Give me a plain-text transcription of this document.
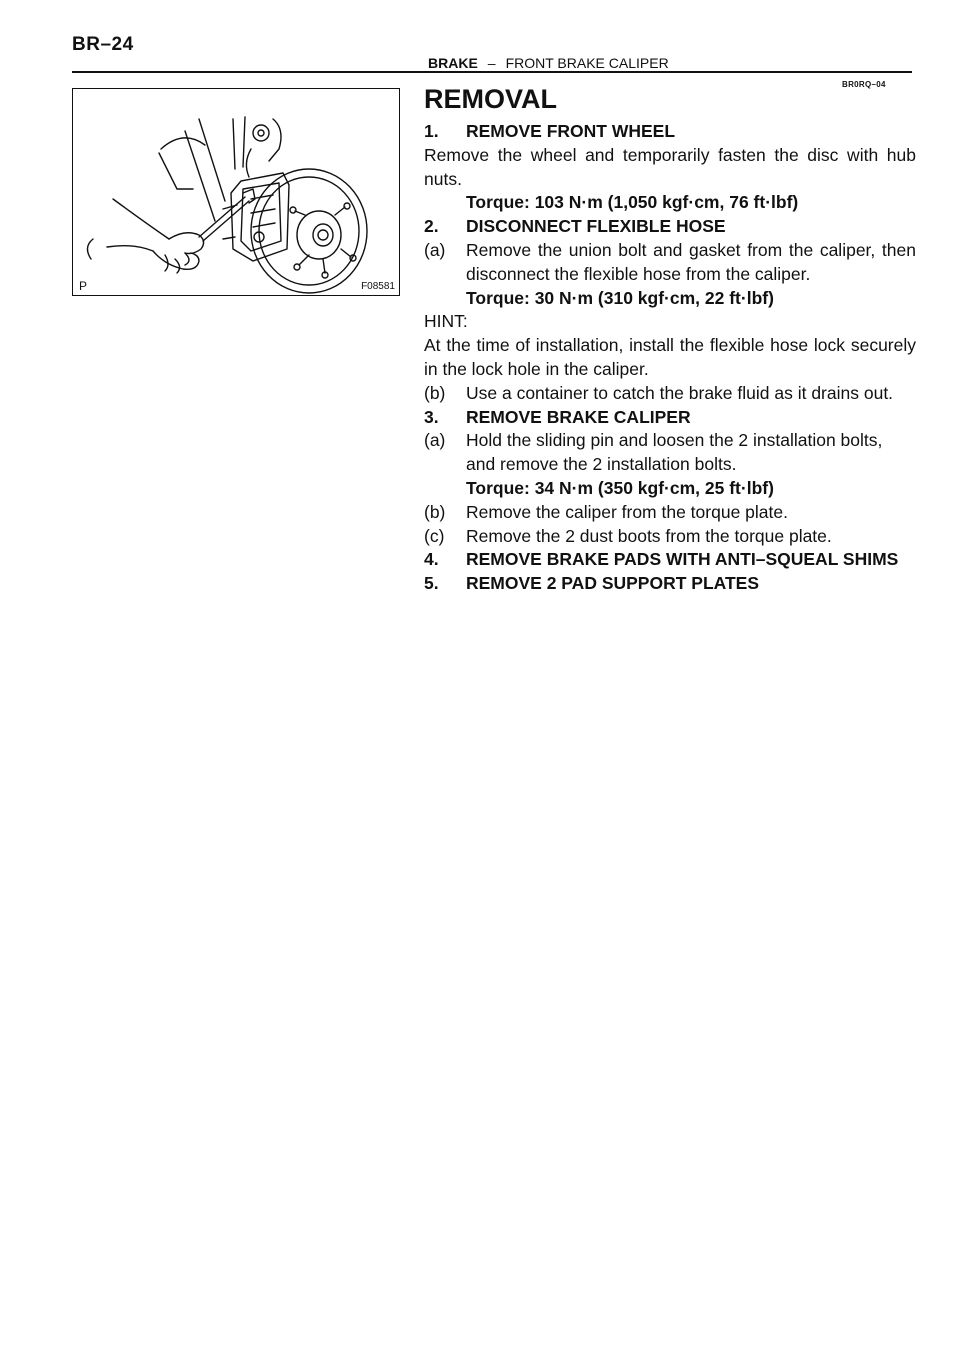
BR–24
BRAKE – FRONT BRAKE CALIPER
BR0RQ–04
P	F08581
REMOVAL
1.	REMOVE FRONT WHEEL
Remove the wheel and temporarily fasten the disc with hub nuts.
Torque: 103 N·m (1,050 kgf·cm, 76 ft·lbf)
2.	DISCONNECT FLEXIBLE HOSE
(a)	Remove the union bolt and gasket from the caliper, then disconnect the flexible hose from the caliper.
Torque: 30 N·m (310 kgf·cm, 22 ft·lbf)
HINT:
At the time of installation, install the flexible hose lock securely in the lock hole in the caliper.
(b)	Use a container to catch the brake fluid as it drains out.
3.	REMOVE BRAKE CALIPER
(a)	Hold the sliding pin and loosen the 2 installation bolts, and remove the 2 installation bolts.
Torque: 34 N·m (350 kgf·cm, 25 ft·lbf)
(b)	Remove the caliper from the torque plate.
(c)	Remove the 2 dust boots from the torque plate.
4.	REMOVE BRAKE PADS WITH ANTI–SQUEAL SHIMS
5.	REMOVE 2 PAD SUPPORT PLATES
